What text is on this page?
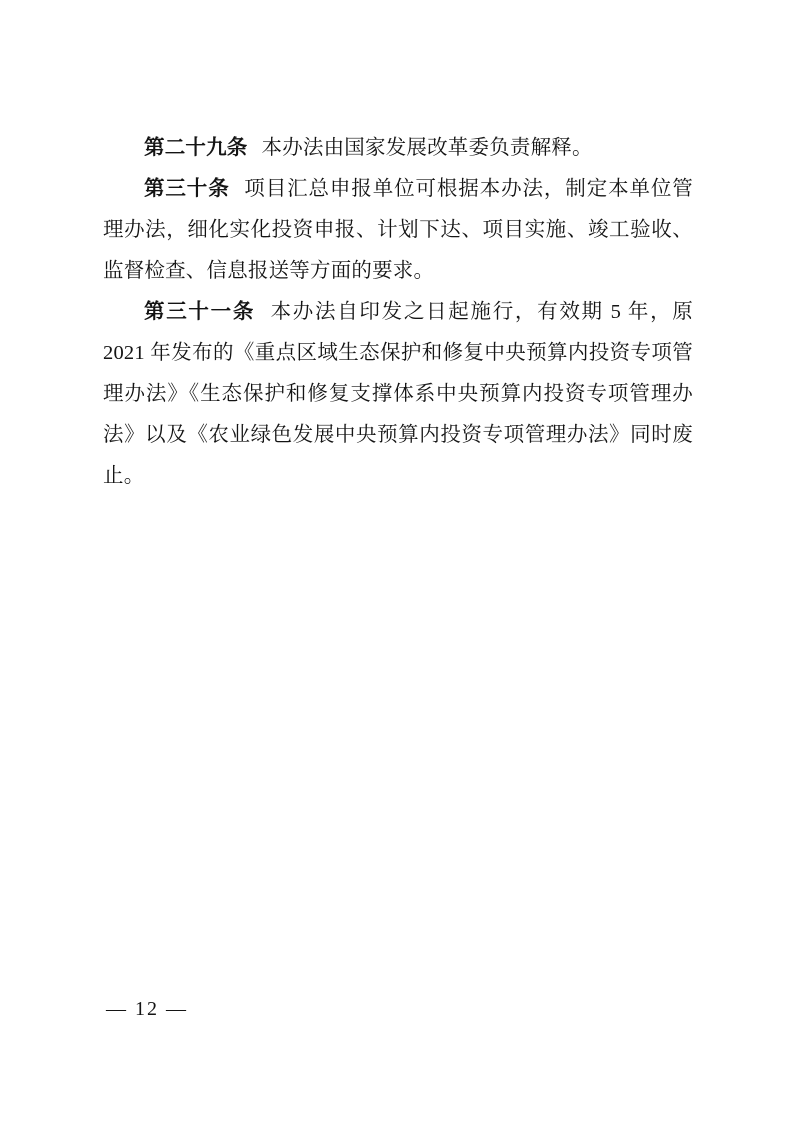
第二十九条 本办法由国家发展改革委负责解释。

第三十条 项目汇总申报单位可根据本办法，制定本单位管理办法，细化实化投资申报、计划下达、项目实施、竣工验收、监督检查、信息报送等方面的要求。

第三十一条 本办法自印发之日起施行，有效期 5 年，原 2021 年发布的《重点区域生态保护和修复中央预算内投资专项管理办法》《生态保护和修复支撑体系中央预算内投资专项管理办法》以及《农业绿色发展中央预算内投资专项管理办法》同时废止。

— 12 —
